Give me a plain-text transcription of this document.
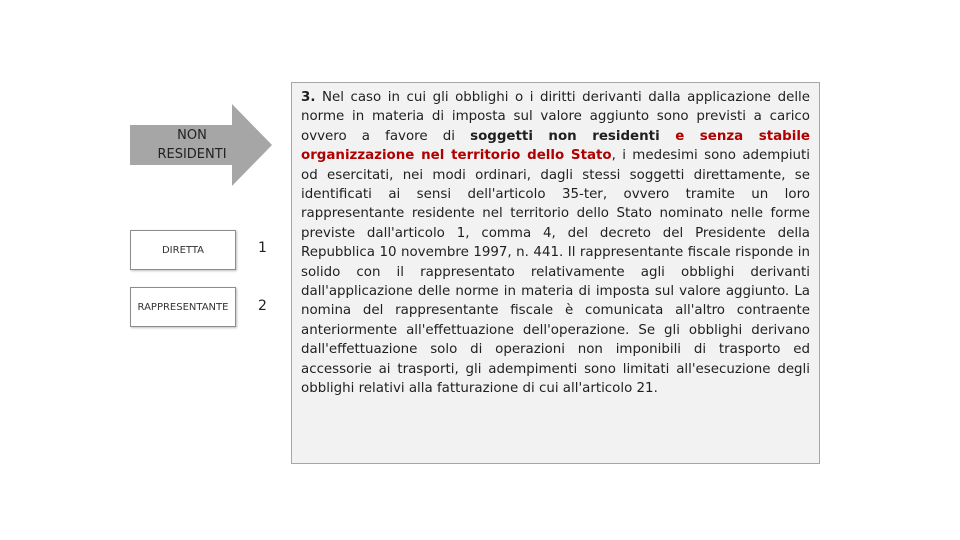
NON
RESIDENTI
DIRETTA	1
RAPPRESENTANTE 2

3. Nel caso in cui gli obblighi o i diritti derivanti dalla applicazione delle norme in materia di imposta sul valore aggiunto sono previsti a carico ovvero a favore di soggetti non residenti e senza stabile organizzazione nel territorio dello Stato, i medesimi sono adempiuti od esercitati, nei modi ordinari, dagli stessi soggetti direttamente, se identificati ai sensi dell'articolo 35-ter, ovvero tramite un loro rappresentante residente nel territorio dello Stato nominato nelle forme previste dall'articolo 1, comma 4, del decreto del Presidente della Repubblica 10 novembre 1997, n. 441. Il rappresentante fiscale risponde in solido con il rappresentato relativamente agli obblighi derivanti dall'applicazione delle norme in materia di imposta sul valore aggiunto. La nomina del rappresentante fiscale è comunicata all'altro contraente anteriormente all'effettuazione dell'operazione. Se gli obblighi derivano dall'effettuazione solo di operazioni non imponibili di trasporto ed accessorie ai trasporti, gli adempimenti sono limitati all'esecuzione degli obblighi relativi alla fatturazione di cui all'articolo 21.
